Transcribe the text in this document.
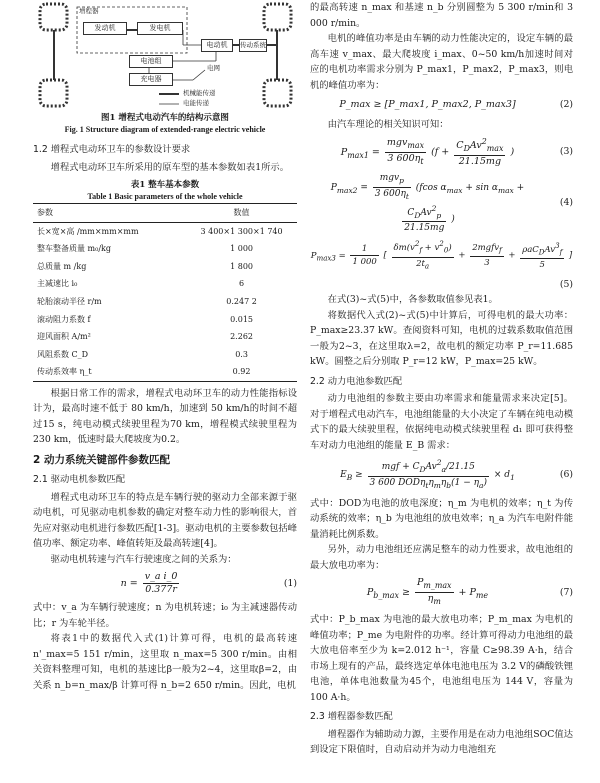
增程器
发动机	发电机
电动机	传动系统
电池组
充电器
电网
机械能传递
电能传递
图1 增程式电动汽车的结构示意图
Fig. 1 Structure diagram of extended-range electric vehicle
1.2 增程式电动环卫车的参数设计要求

增程式电动环卫车所采用的原车型的基本参数如表1所示。

表1 整车基本参数
Table 1 Basic parameters of the whole vehicle
参数	数值
长×宽×高 /mm×mm×mm	3 400×1 300×1 740
整车整备质量 m₀/kg	1 000
总质量 m /kg	1 800
主减速比 i₀	6
轮胎滚动半径 r/m	0.247 2
滚动阻力系数 f	0.015
迎风面积 A/m²	2.262
风阻系数 C_D	0.3
传动系效率 η_t	0.92

根据日常工作的需求，增程式电动环卫车的动力性能指标设计为，最高时速不低于 80 km/h，加速到 50 km/h的时间不超过15 s，纯电动模式续驶里程为70 km，增程模式续驶里程为230 km，低速时最大爬坡度为0.2。

2 动力系统关键部件参数匹配
2.1 驱动电机参数匹配

增程式电动环卫车的特点是车辆行驶的驱动力全部来源于驱动电机，可见驱动电机参数的确定对整车动力性的影响很大，首先应对驱动电机进行参数匹配[1-3]。驱动电机的主要参数包括峰值功率、额定功率、峰值转矩及最高转速[4]。

驱动电机转速与汽车行驶速度之间的关系为：

$n = \frac{\text{v\_a i\_0}}{0.377r}$	(1)

式中：v_a 为车辆行驶速度；n 为电机转速；i₀ 为主减速器传动比；r 为车轮半径。

将表1中的数据代入式(1)计算可得，电机的最高转速 n'_max=5 151 r/min，这里取 n_max=5 300 r/min。由相关资料整理可知，电机的基速比β一般为2~4，这里取β=2，由关系 n_b=n_max/β 计算可得 n_b=2 650 r/min。因此，电机

的最高转速 n_max 和基速 n_b 分别圆整为 5 300 r/min和 3 000 r/min。

电机的峰值功率是由车辆的动力性能决定的，设定车辆的最高车速 v_max、最大爬坡度 i_max、0~50 km/h加速时间对应的电机功率需求分别为 P_max1，P_max2，P_max3，则电机的峰值功率为：

P_max ≥ [P_max1, P_max2, P_max3]	(2)

由汽车理论的相关知识可知：

$P_{max1} = \frac{mgv_{max}}{3 600\eta_t} (f + \frac{C_DAv^2_{max}}{21.15mg}$ )	(3)
$P_{max2} = \frac{mgv_p}{3 600\eta_t} (fcos$ $\alpha_{max} + \sin \alpha_{max}$ +
$\frac{C_DAv^2_p}{21.15mg}$ )
(4)
$P_{max3} = \frac{1}{1 000}$ [ $\frac{\delta m(v^2_f + v^2_0)}{2t_a} + \frac{2mgfv_f}{3} + \frac{\rho aC_DAv^3_f}{5}$ ]
(5)

在式(3)~式(5)中，各参数取值参见表1。

将数据代入式(2)~式(5)中计算后，可得电机的最大功率：P_max≥23.37 kW。查阅资料可知，电机的过载系数取值范围一般为2~3，在这里取λ=2，故电机的额定功率 P_r=11.685 kW。圆整之后分别取 P_r=12 kW，P_max=25 kW。

2.2 动力电池参数匹配

动力电池组的参数主要由功率需求和能量需求来决定[5]。对于增程式电动汽车，电池组能量的大小决定了车辆在纯电动模式下的最大续驶里程，依据纯电动模式续驶里程 d₁ 即可获得整车对动力电池组的能量 E_B 需求：

$E_B \ge \frac{mgf + C_DAv^2_a/21.15}{3 600 DOD\eta_t\eta_m\eta_b(1 - \eta_a)} \times d_1$	(6)

式中：DOD为电池的放电深度；η_m 为电机的效率；η_t 为传动系统的效率；η_b 为电池组的放电效率；η_a 为汽车电附件能量消耗比例系数。

另外，动力电池组还应满足整车的动力性要求，故电池组的最大放电功率为：

$P_{b\_max} \ge \frac{P_{m\_max}}{\eta_m} + P_{me}$	(7)

式中：P_b_max 为电池的最大放电功率；P_m_max 为电机的峰值功率；P_me 为电附件的功率。经计算可得动力电池组的最大放电倍率至少为 k=2.012 h⁻¹，容量 C≥98.39 A·h，结合市场上现有的产品，最终选定单体电池电压为 3.2 V的磷酸铁锂电池，单体电池数量为45个，电池组电压为 144 V，容量为 100 A·h。

2.3 增程器参数匹配

增程器作为辅助动力源，主要作用是在动力电池组SOC值达到设定下限值时，自动启动并为动力电池组充
